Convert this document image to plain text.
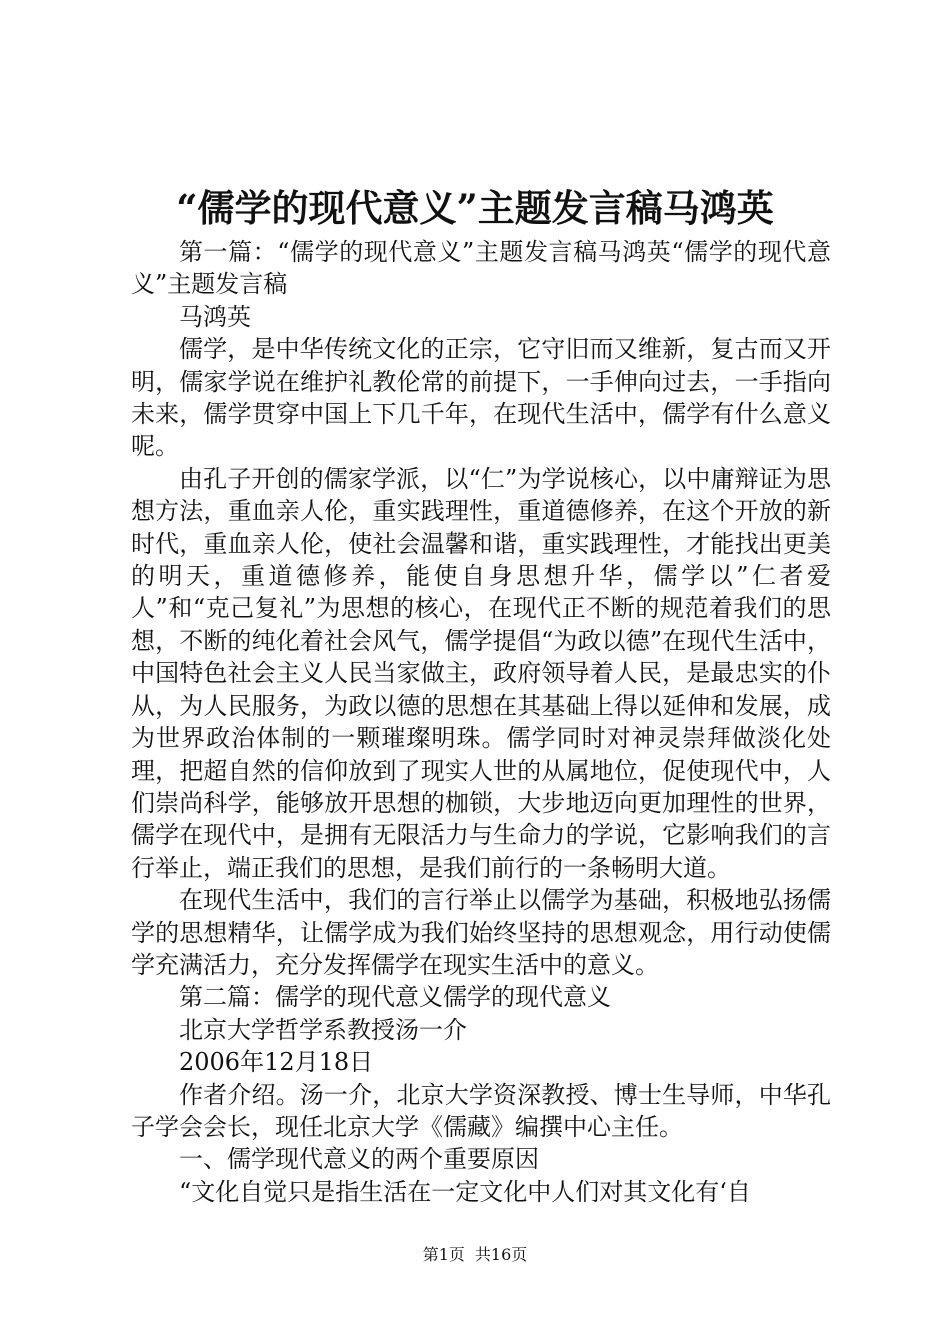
“儒学的现代意义”主题发言稿马鸿英

第一篇：“儒学的现代意义”主题发言稿马鸿英“儒学的现代意义”主题发言稿

马鸿英

儒学，是中华传统文化的正宗，它守旧而又维新，复古而又开明，儒家学说在维护礼教伦常的前提下，一手伸向过去，一手指向未来，儒学贯穿中国上下几千年，在现代生活中，儒学有什么意义呢。

由孔子开创的儒家学派，以“仁”为学说核心，以中庸辩证为思想方法，重血亲人伦，重实践理性，重道德修养，在这个开放的新时代，重血亲人伦，使社会温馨和谐，重实践理性，才能找出更美的明天，重道德修养，能使自身思想升华，儒学以”仁者爱人”和“克己复礼”为思想的核心，在现代正不断的规范着我们的思想，不断的纯化着社会风气，儒学提倡“为政以德”在现代生活中，中国特色社会主义人民当家做主，政府领导着人民，是最忠实的仆从，为人民服务，为政以德的思想在其基础上得以延伸和发展，成为世界政治体制的一颗璀璨明珠。儒学同时对神灵崇拜做淡化处理，把超自然的信仰放到了现实人世的从属地位，促使现代中，人们崇尚科学，能够放开思想的枷锁，大步地迈向更加理性的世界，儒学在现代中，是拥有无限活力与生命力的学说，它影响我们的言行举止，端正我们的思想，是我们前行的一条畅明大道。

在现代生活中，我们的言行举止以儒学为基础，积极地弘扬儒学的思想精华，让儒学成为我们始终坚持的思想观念，用行动使儒学充满活力，充分发挥儒学在现实生活中的意义。

第二篇：儒学的现代意义儒学的现代意义

北京大学哲学系教授汤一介

2006年12月18日

作者介绍。汤一介，北京大学资深教授、博士生导师，中华孔子学会会长，现任北京大学《儒藏》编撰中心主任。

一、儒学现代意义的两个重要原因

“文化自觉只是指生活在一定文化中人们对其文化有‘自

第1页 共16页
